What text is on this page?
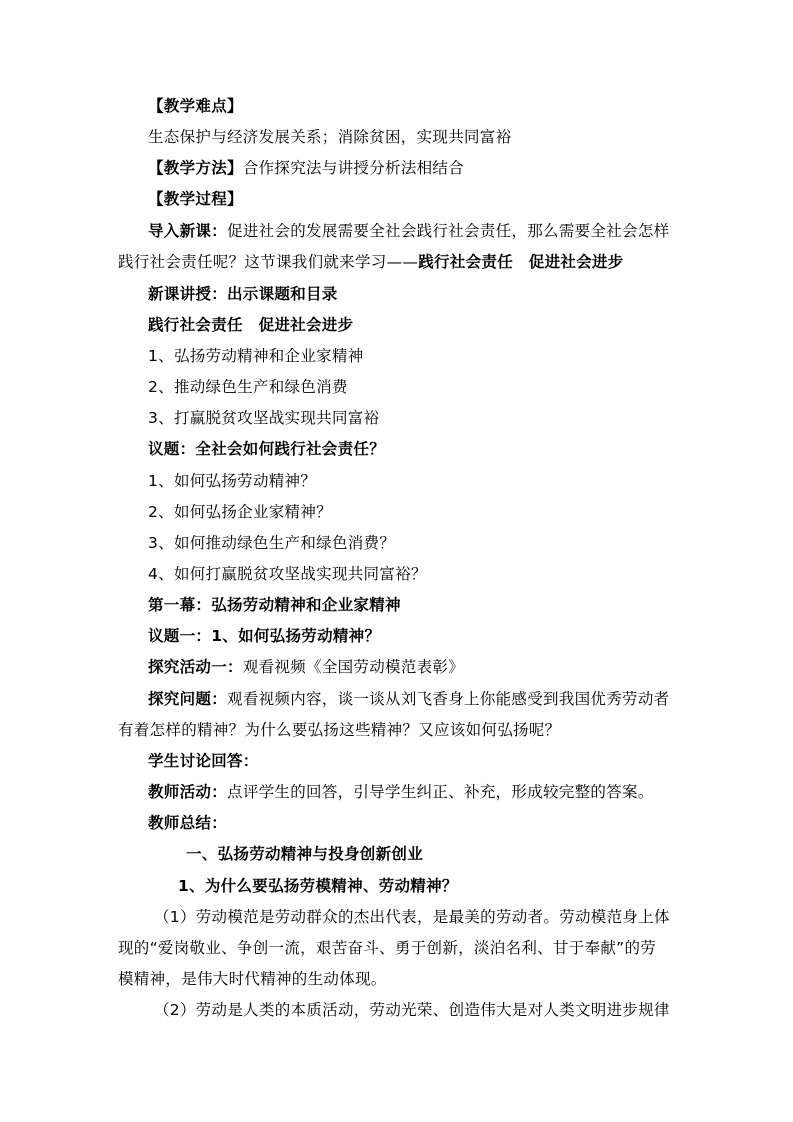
【教学难点】
生态保护与经济发展关系；消除贫困，实现共同富裕
【教学方法】合作探究法与讲授分析法相结合
【教学过程】
导入新课：促进社会的发展需要全社会践行社会责任，那么需要全社会怎样
践行社会责任呢？这节课我们就来学习——践行社会责任　促进社会进步
新课讲授：出示课题和目录
践行社会责任　促进社会进步
1、弘扬劳动精神和企业家精神
2、推动绿色生产和绿色消费
3、打赢脱贫攻坚战实现共同富裕
议题：全社会如何践行社会责任？
1、如何弘扬劳动精神？
2、如何弘扬企业家精神？
3、如何推动绿色生产和绿色消费？
4、如何打赢脱贫攻坚战实现共同富裕？
第一幕：弘扬劳动精神和企业家精神
议题一：1、如何弘扬劳动精神？
探究活动一：观看视频《全国劳动模范表彰》
探究问题：观看视频内容，谈一谈从刘飞香身上你能感受到我国优秀劳动者
有着怎样的精神？为什么要弘扬这些精神？又应该如何弘扬呢？
学生讨论回答：
教师活动：点评学生的回答，引导学生纠正、补充，形成较完整的答案。
教师总结：
一、弘扬劳动精神与投身创新创业
1、为什么要弘扬劳模精神、劳动精神？
（1）劳动模范是劳动群众的杰出代表，是最美的劳动者。劳动模范身上体
现的“爱岗敬业、争创一流，艰苦奋斗、勇于创新，淡泊名利、甘于奉献”的劳
模精神，是伟大时代精神的生动体现。
（2）劳动是人类的本质活动，劳动光荣、创造伟大是对人类文明进步规律
